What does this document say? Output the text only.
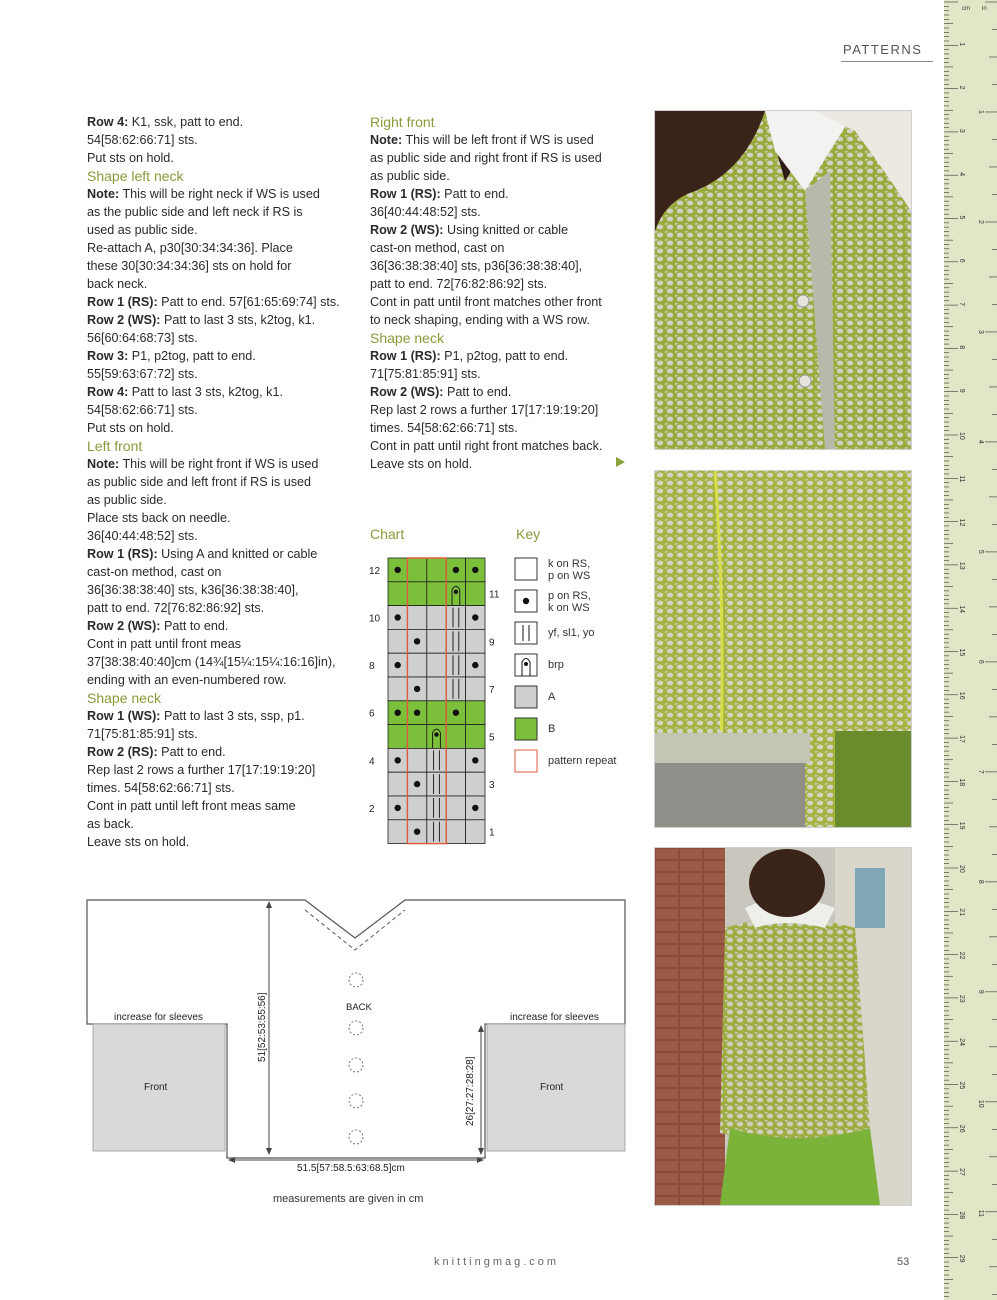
PATTERNS
Row 4: K1, ssk, patt to end.
54[58:62:66:71] sts.
Put sts on hold.
Shape left neck
Note: This will be right neck if WS is used
as the public side and left neck if RS is
used as public side.
Re-attach A, p30[30:34:34:36]. Place
these 30[30:34:34:36] sts on hold for
back neck.
Row 1 (RS): Patt to end. 57[61:65:69:74] sts.
Row 2 (WS): Patt to last 3 sts, k2tog, k1.
56[60:64:68:73] sts.
Row 3: P1, p2tog, patt to end.
55[59:63:67:72] sts.
Row 4: Patt to last 3 sts, k2tog, k1.
54[58:62:66:71] sts.
Put sts on hold.
Left front
Note: This will be right front if WS is used
as public side and left front if RS is used
as public side.
Place sts back on needle.
36[40:44:48:52] sts.
Row 1 (RS): Using A and knitted or cable
cast-on method, cast on
36[36:38:38:40] sts, k36[36:38:38:40],
patt to end. 72[76:82:86:92] sts.
Row 2 (WS): Patt to end.
Cont in patt until front meas
37[38:38:40:40]cm (14¾[15¼:15¼:16:16]in),
ending with an even-numbered row.
Shape neck
Row 1 (WS): Patt to last 3 sts, ssp, p1.
71[75:81:85:91] sts.
Row 2 (RS): Patt to end.
Rep last 2 rows a further 17[17:19:19:20]
times. 54[58:62:66:71] sts.
Cont in patt until left front meas same
as back.
Leave sts on hold.
Right front
Note: This will be left front if WS is used
as public side and right front if RS is used
as public side.
Row 1 (RS): Patt to end.
36[40:44:48:52] sts.
Row 2 (WS): Using knitted or cable
cast-on method, cast on
36[36:38:38:40] sts, p36[36:38:38:40],
patt to end. 72[76:82:86:92] sts.
Cont in patt until front matches other front
to neck shaping, ending with a WS row.
Shape neck
Row 1 (RS): P1, p2tog, patt to end.
71[75:81:85:91] sts.
Row 2 (WS): Patt to end.
Rep last 2 rows a further 17[17:19:19:20]
times. 54[58:62:66:71] sts.
Cont in patt until right front matches back.
Leave sts on hold.
Chart	Key
12
10
8
6
4
2
11
9
7
5
3
1
k on RS,
p on WS
p on RS,
k on WS
yf, sl1, yo
brp
A
B
pattern repeat
increase for sleeves	increase for sleeves
Front	Front
BACK
51[52:53:55:56]
26[27:27:28:28]
51.5[57:58.5:63:68.5]cm
measurements are given in cm
knittingmag.com	53
1
2
3
4
5
6
7
8
9
10
11
12
13
14
15
16
17
18
19
20
21
22
23
24
25
26
27
28
29
1
2
3
4
5
6
7
8
9
10
11
cm in
